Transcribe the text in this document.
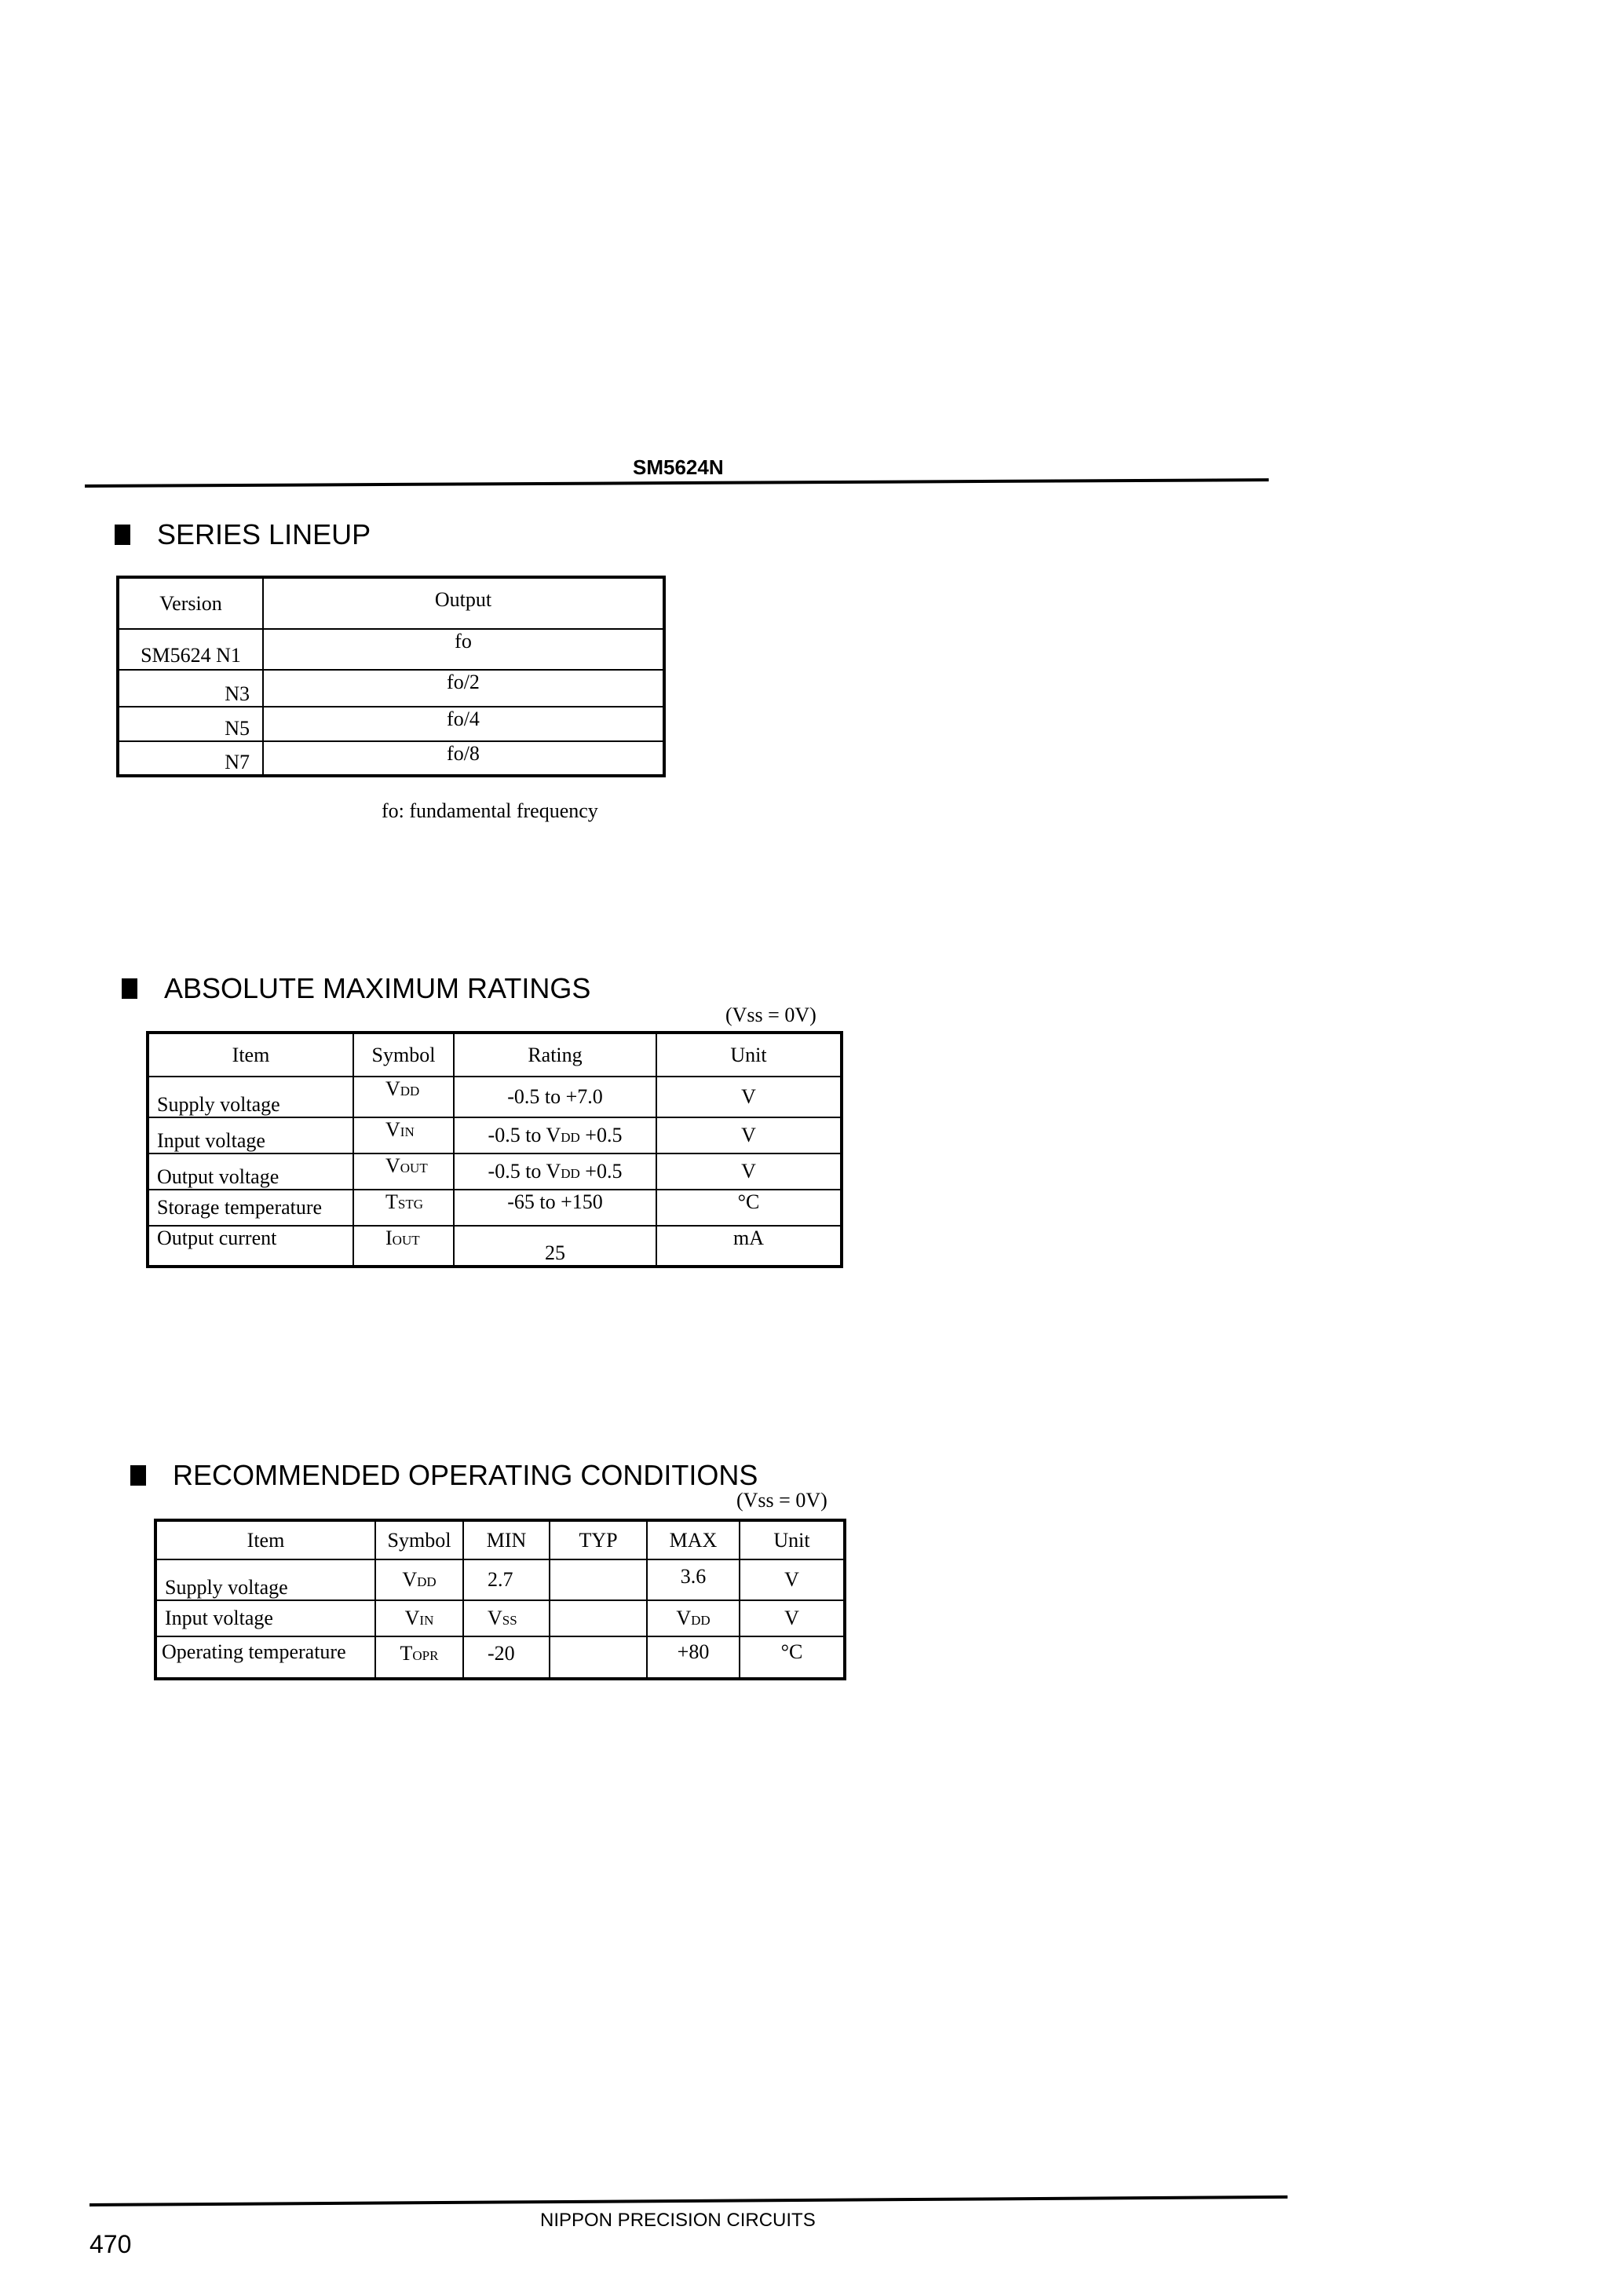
SM5624N
SERIES LINEUP
Version	Output
SM5624 N1	fo
N3	fo/2
N5	fo/4
N7	fo/8
fo: fundamental frequency
ABSOLUTE MAXIMUM RATINGS
(Vss = 0V)
Item	Symbol	Rating	Unit
Supply voltage	VDD	-0.5 to +7.0	V
Input voltage	VIN	-0.5 to VDD +0.5	V
Output voltage	VOUT	-0.5 to VDD +0.5	V
Storage temperature	TSTG	-65 to +150	°C
Output current	IOUT	25	mA
RECOMMENDED OPERATING CONDITIONS
(Vss = 0V)
Item	Symbol	MIN	TYP	MAX	Unit
Supply voltage	VDD	2.7		3.6	V
Input voltage	VIN	VSS		VDD	V
Operating temperature	TOPR	-20		+80	°C
NIPPON PRECISION CIRCUITS
470
